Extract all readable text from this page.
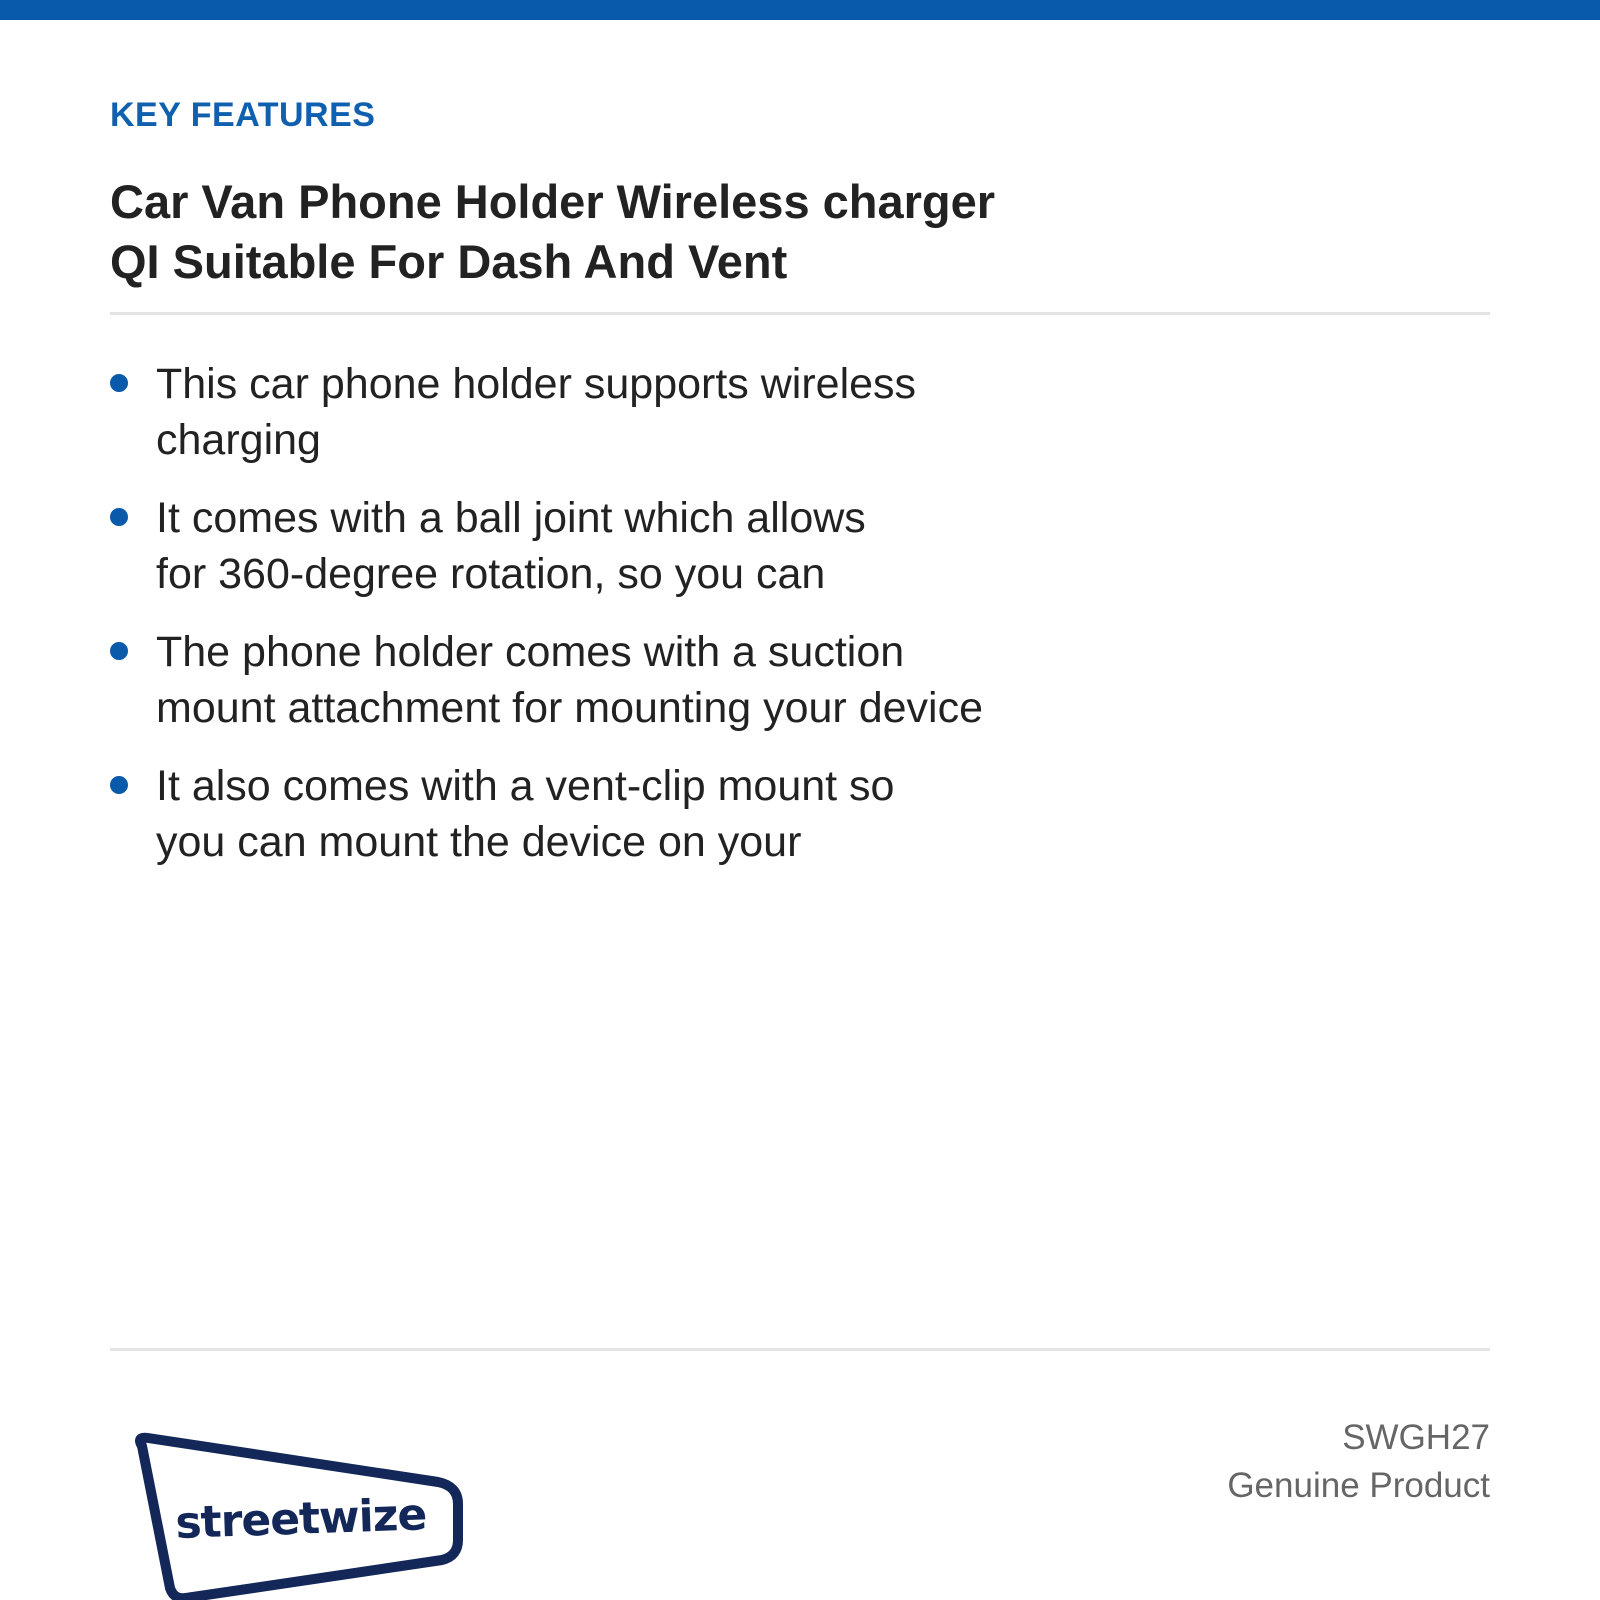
KEY FEATURES
Car Van Phone Holder Wireless charger
QI Suitable For Dash And Vent
This car phone holder supports wireless
charging
It comes with a ball joint which allows
for 360-degree rotation, so you can
The phone holder comes with a suction
mount attachment for mounting your device
It also comes with a vent-clip mount so
you can mount the device on your
streetwize
SWGH27
Genuine Product
